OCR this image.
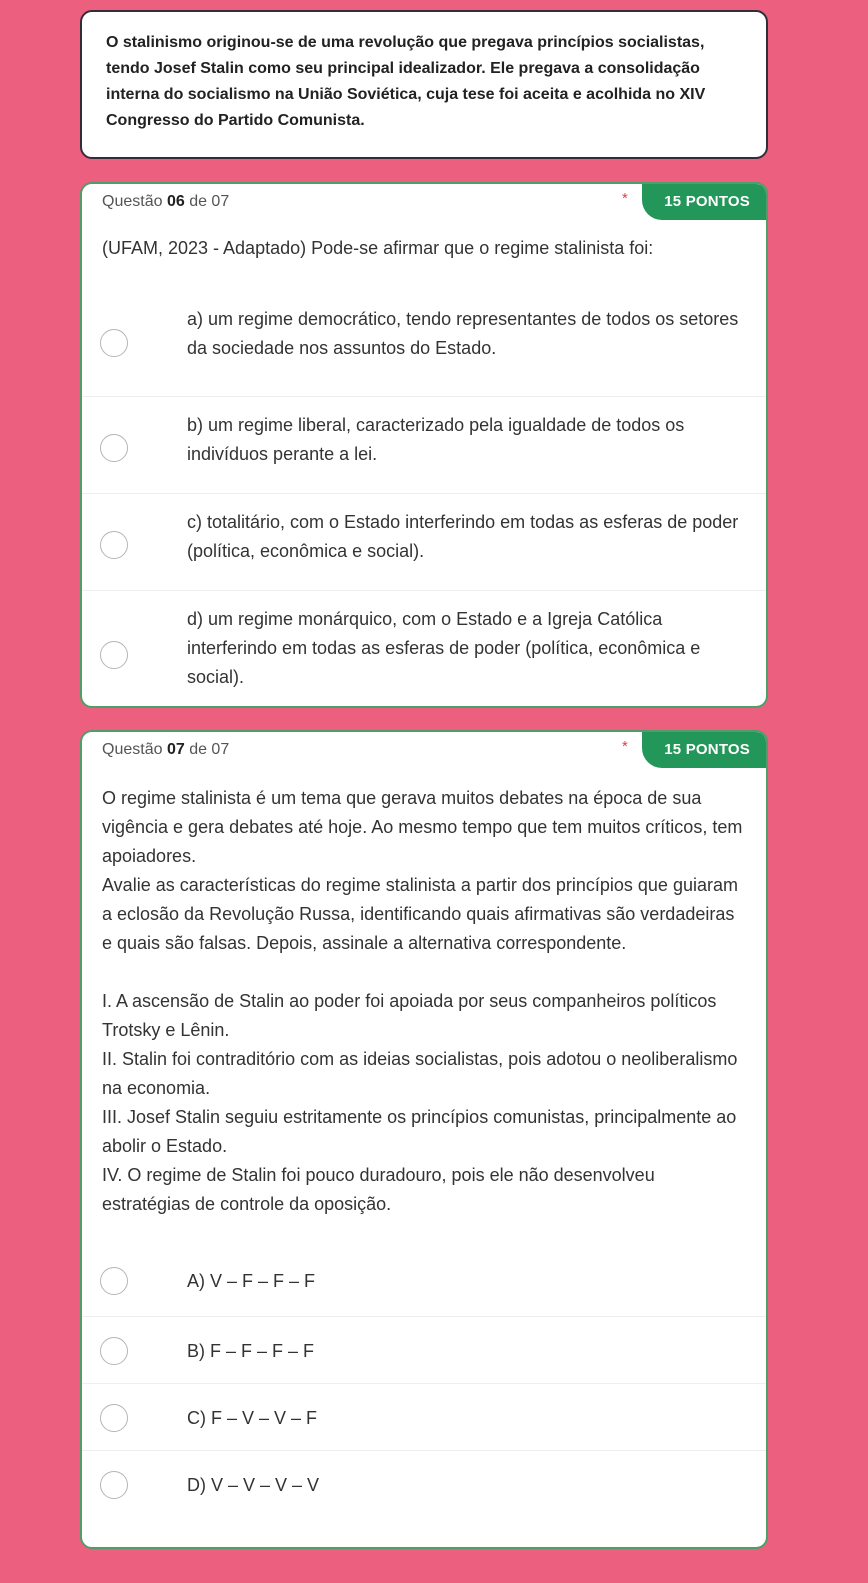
O stalinismo originou-se de uma revolução que pregava princípios socialistas, tendo Josef Stalin como seu principal idealizador. Ele pregava a consolidação interna do socialismo na União Soviética, cuja tese foi aceita e acolhida no XIV Congresso do Partido Comunista.
Questão 06 de 07	*	15 PONTOS

(UFAM, 2023 - Adaptado) Pode-se afirmar que o regime stalinista foi:

a) um regime democrático, tendo representantes de todos os setores da sociedade nos assuntos do Estado.
b) um regime liberal, caracterizado pela igualdade de todos os indivíduos perante a lei.
c) totalitário, com o Estado interferindo em todas as esferas de poder (política, econômica e social).
d) um regime monárquico, com o Estado e a Igreja Católica interferindo em todas as esferas de poder (política, econômica e social).
Questão 07 de 07	*	15 PONTOS

O regime stalinista é um tema que gerava muitos debates na época de sua vigência e gera debates até hoje. Ao mesmo tempo que tem muitos críticos, tem apoiadores.

Avalie as características do regime stalinista a partir dos princípios que guiaram a eclosão da Revolução Russa, identificando quais afirmativas são verdadeiras e quais são falsas. Depois, assinale a alternativa correspondente.

I. A ascensão de Stalin ao poder foi apoiada por seus companheiros políticos Trotsky e Lênin.

II. Stalin foi contraditório com as ideias socialistas, pois adotou o neoliberalismo na economia.

III. Josef Stalin seguiu estritamente os princípios comunistas, principalmente ao abolir o Estado.

IV. O regime de Stalin foi pouco duradouro, pois ele não desenvolveu estratégias de controle da oposição.

A) V – F – F – F
B) F – F – F – F
C) F – V – V – F
D) V – V – V – V
